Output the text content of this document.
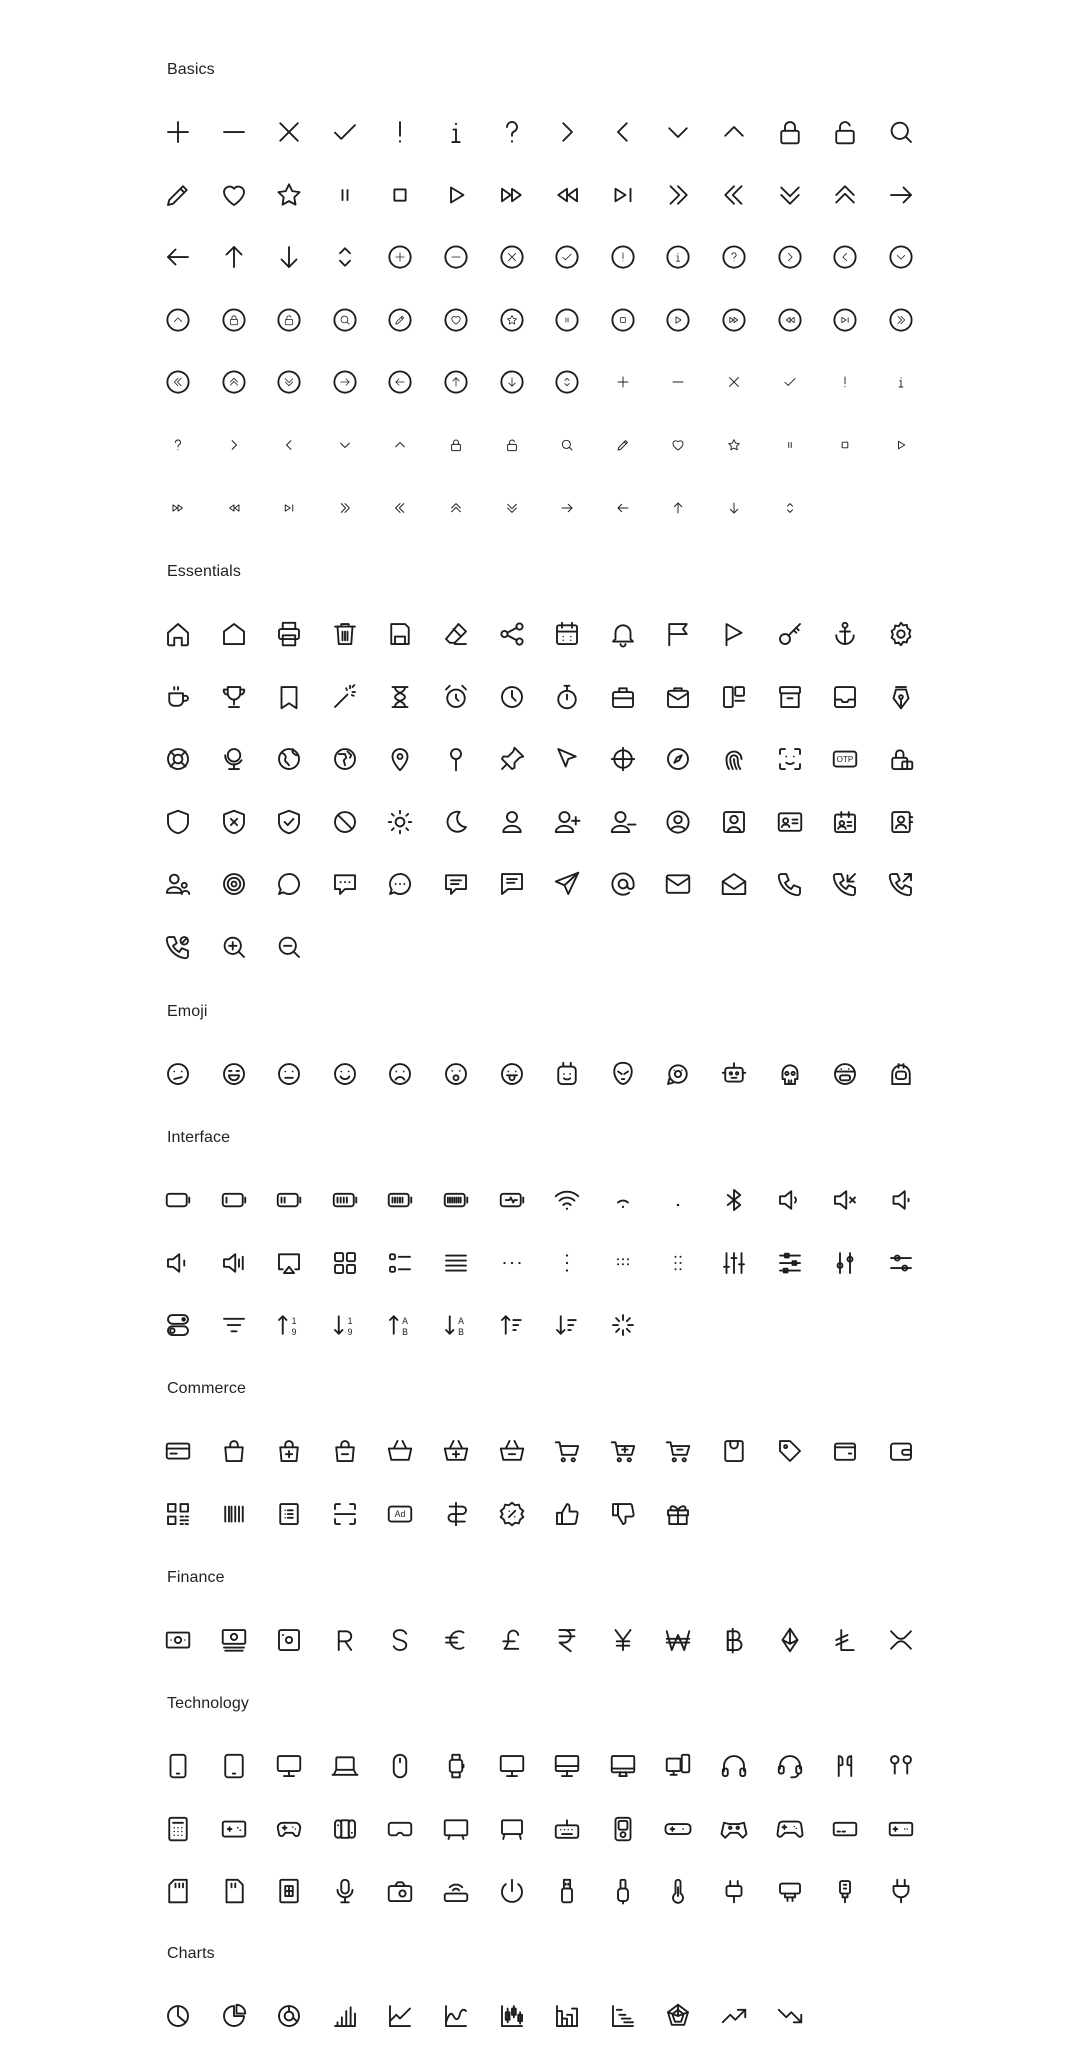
Basics
Essentials
OTP
Emoji
Interface
1
9
1
9
A
B
A
B
Commerce
Ad
Finance
Technology
Charts
